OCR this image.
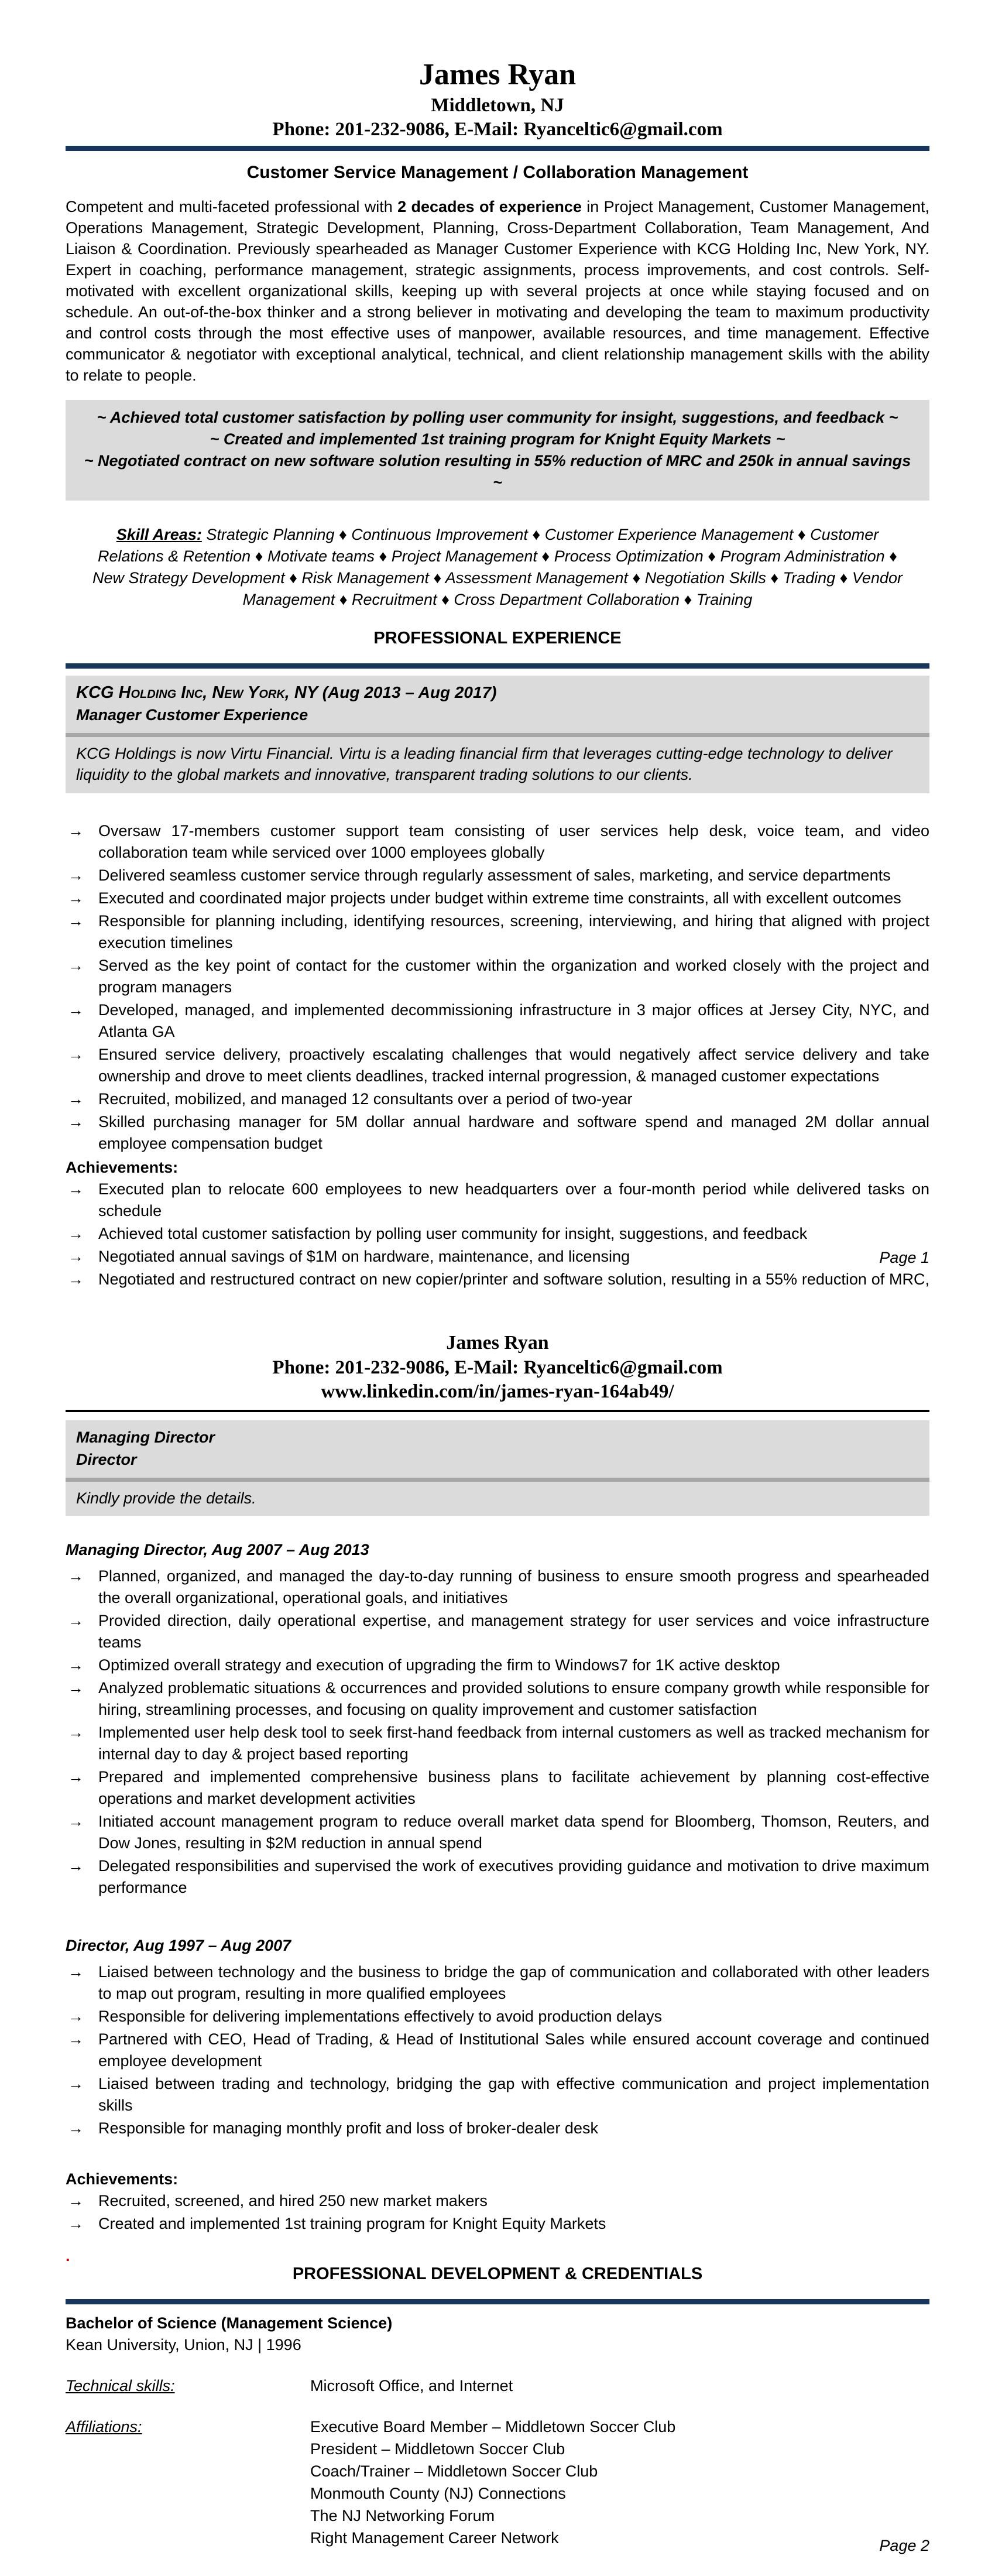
James Ryan
Middletown, NJ
Phone: 201-232-9086, E-Mail: Ryanceltic6@gmail.com
Customer Service Management / Collaboration Management

Competent and multi-faceted professional with 2 decades of experience in Project Management, Customer Management, Operations Management, Strategic Development, Planning, Cross-Department Collaboration, Team Management, And Liaison & Coordination. Previously spearheaded as Manager Customer Experience with KCG Holding Inc, New York, NY. Expert in coaching, performance management, strategic assignments, process improvements, and cost controls. Self-motivated with excellent organizational skills, keeping up with several projects at once while staying focused and on schedule. An out-of-the-box thinker and a strong believer in motivating and developing the team to maximum productivity and control costs through the most effective uses of manpower, available resources, and time management. Effective communicator & negotiator with exceptional analytical, technical, and client relationship management skills with the ability to relate to people.

~ Achieved total customer satisfaction by polling user community for insight, suggestions, and feedback ~
~ Created and implemented 1st training program for Knight Equity Markets ~
~ Negotiated contract on new software solution resulting in 55% reduction of MRC and 250k in annual savings ~
Skill Areas: Strategic Planning ♦ Continuous Improvement ♦ Customer Experience Management ♦ Customer Relations & Retention ♦ Motivate teams ♦ Project Management ♦ Process Optimization ♦ Program Administration ♦ New Strategy Development ♦ Risk Management ♦ Assessment Management ♦ Negotiation Skills ♦ Trading ♦ Vendor Management ♦ Recruitment ♦ Cross Department Collaboration ♦ Training
PROFESSIONAL EXPERIENCE
KCG Holding Inc, New York, NY (Aug 2013 – Aug 2017)
Manager Customer Experience
KCG Holdings is now Virtu Financial. Virtu is a leading financial firm that leverages cutting-edge technology to deliver liquidity to the global markets and innovative, transparent trading solutions to our clients.
→ Oversaw 17-members customer support team consisting of user services help desk, voice team, and video collaboration team while serviced over 1000 employees globally
→ Delivered seamless customer service through regularly assessment of sales, marketing, and service departments
→ Executed and coordinated major projects under budget within extreme time constraints, all with excellent outcomes
→ Responsible for planning including, identifying resources, screening, interviewing, and hiring that aligned with project execution timelines
→ Served as the key point of contact for the customer within the organization and worked closely with the project and program managers
→ Developed, managed, and implemented decommissioning infrastructure in 3 major offices at Jersey City, NYC, and Atlanta GA
→ Ensured service delivery, proactively escalating challenges that would negatively affect service delivery and take ownership and drove to meet clients deadlines, tracked internal progression, & managed customer expectations
→ Recruited, mobilized, and managed 12 consultants over a period of two-year
→ Skilled purchasing manager for 5M dollar annual hardware and software spend and managed 2M dollar annual employee compensation budget
Achievements:
→ Executed plan to relocate 600 employees to new headquarters over a four-month period while delivered tasks on schedule
→ Achieved total customer satisfaction by polling user community for insight, suggestions, and feedback
→ Negotiated annual savings of $1M on hardware, maintenance, and licensing
→ Negotiated and restructured contract on new copier/printer and software solution, resulting in a 55% reduction of MRC,
Page 1
James Ryan
Phone: 201-232-9086, E-Mail: Ryanceltic6@gmail.com
www.linkedin.com/in/james-ryan-164ab49/
Managing Director
Director
Kindly provide the details.
Managing Director, Aug 2007 – Aug 2013
→ Planned, organized, and managed the day-to-day running of business to ensure smooth progress and spearheaded the overall organizational, operational goals, and initiatives
→ Provided direction, daily operational expertise, and management strategy for user services and voice infrastructure teams
→ Optimized overall strategy and execution of upgrading the firm to Windows7 for 1K active desktop
→ Analyzed problematic situations & occurrences and provided solutions to ensure company growth while responsible for hiring, streamlining processes, and focusing on quality improvement and customer satisfaction
→ Implemented user help desk tool to seek first-hand feedback from internal customers as well as tracked mechanism for internal day to day & project based reporting
→ Prepared and implemented comprehensive business plans to facilitate achievement by planning cost-effective operations and market development activities
→ Initiated account management program to reduce overall market data spend for Bloomberg, Thomson, Reuters, and Dow Jones, resulting in $2M reduction in annual spend
→ Delegated responsibilities and supervised the work of executives providing guidance and motivation to drive maximum performance
Director, Aug 1997 – Aug 2007
→ Liaised between technology and the business to bridge the gap of communication and collaborated with other leaders to map out program, resulting in more qualified employees
→ Responsible for delivering implementations effectively to avoid production delays
→ Partnered with CEO, Head of Trading, & Head of Institutional Sales while ensured account coverage and continued employee development
→ Liaised between trading and technology, bridging the gap with effective communication and project implementation skills
→ Responsible for managing monthly profit and loss of broker-dealer desk
Achievements:
→ Recruited, screened, and hired 250 new market makers
→ Created and implemented 1st training program for Knight Equity Markets
.
PROFESSIONAL DEVELOPMENT & CREDENTIALS
Bachelor of Science (Management Science)
Kean University, Union, NJ | 1996
Technical skills:	Microsoft Office, and Internet
Affiliations:	Executive Board Member – Middletown Soccer Club
President – Middletown Soccer Club
Coach/Trainer – Middletown Soccer Club
Monmouth County (NJ) Connections
The NJ Networking Forum
Right Management Career Network	Page 2
